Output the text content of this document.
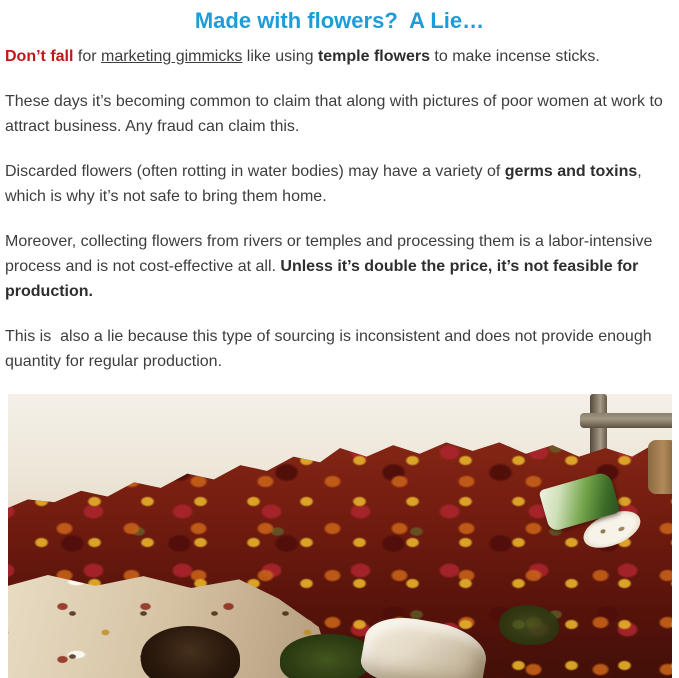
Made with flowers?  A Lie…

Don’t fall for marketing gimmicks like using temple flowers to make incense sticks.

These days it’s becoming common to claim that along with pictures of poor women at work to attract business. Any fraud can claim this.

Discarded flowers (often rotting in water bodies) may have a variety of germs and toxins, which is why it’s not safe to bring them home.

Moreover, collecting flowers from rivers or temples and processing them is a labor-intensive process and is not cost-effective at all. Unless it’s double the price, it’s not feasible for production.

This is  also a lie because this type of sourcing is inconsistent and does not provide enough quantity for regular production.
